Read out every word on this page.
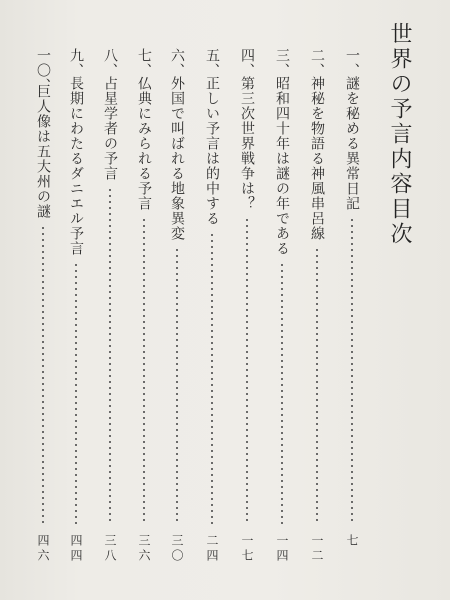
世界の予言内容目次
一、
謎を秘める異常日記
七
二、
神秘を物語る神風串呂線
一二
三、
昭和四十年は謎の年である
一四
四、
第三次世界戦争は？
一七
五、
正しい予言は的中する
二四
六、
外国で叫ばれる地象異変
三〇
七、
仏典にみられる予言
三六
八、
占星学者の予言
三八
九、
長期にわたるダニエル予言
四四
一〇、
巨人像は五大州の謎
四六
